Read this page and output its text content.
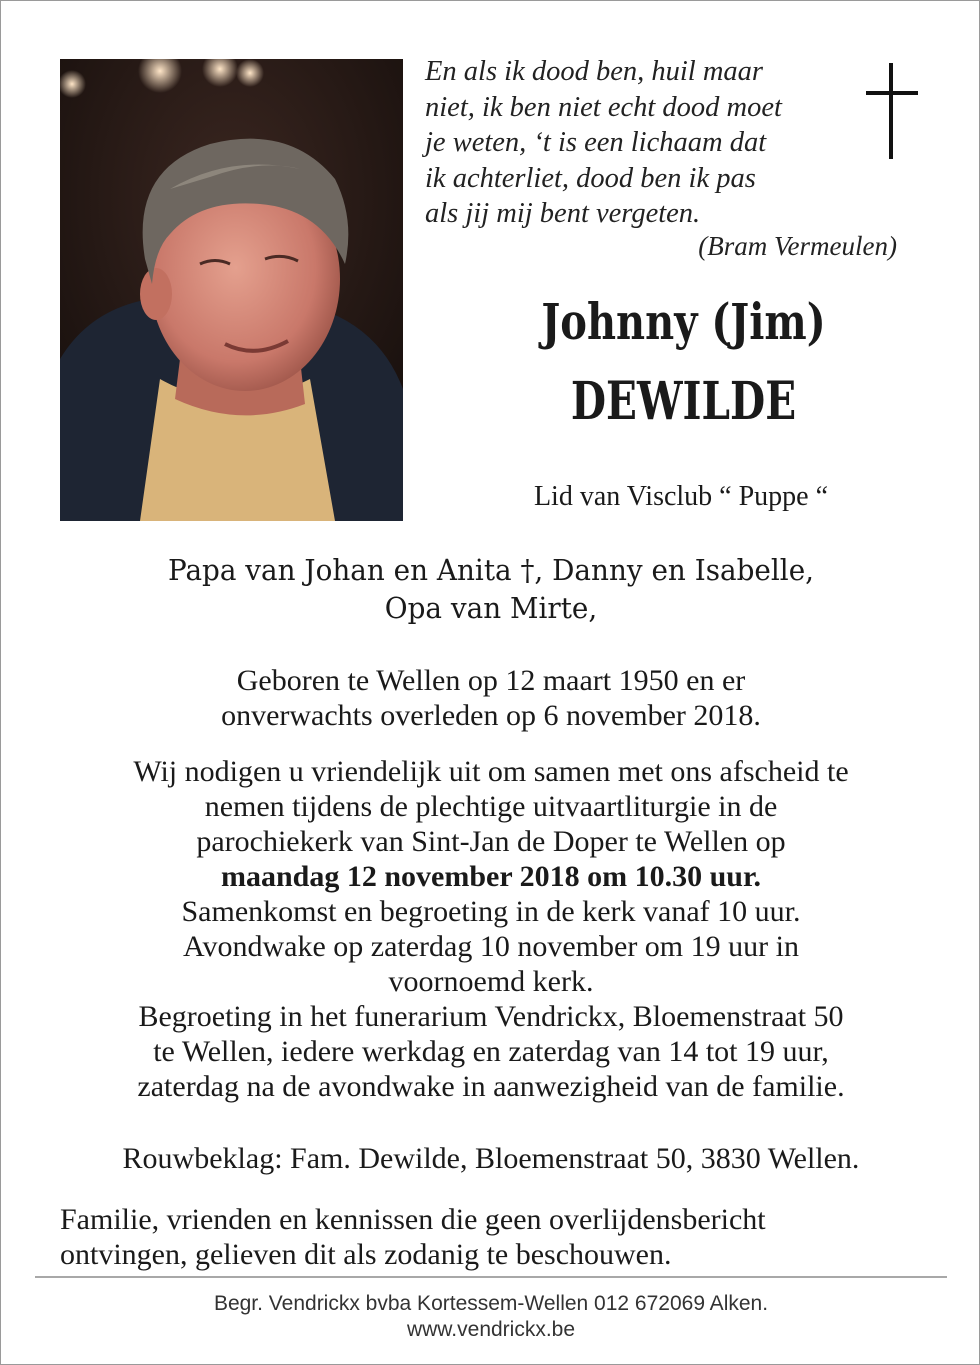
En als ik dood ben, huil maar
niet, ik ben niet echt dood moet
je weten, ‘t is een lichaam dat
ik achterliet, dood ben ik pas
als jij mij bent vergeten.
(Bram Vermeulen)
Johnny (Jim)
DEWILDE
Lid van Visclub “ Puppe “
Papa van Johan en Anita †, Danny en Isabelle,
Opa van Mirte,
Geboren te Wellen op 12 maart 1950 en er
onverwachts overleden op 6 november 2018.
Wij nodigen u vriendelijk uit om samen met ons afscheid te
nemen tijdens de plechtige uitvaartliturgie in de
parochiekerk van Sint-Jan de Doper te Wellen op
maandag 12 november 2018 om 10.30 uur.
Samenkomst en begroeting in de kerk vanaf 10 uur.
Avondwake op zaterdag 10 november om 19 uur in
voornoemd kerk.
Begroeting in het funerarium Vendrickx, Bloemenstraat 50
te Wellen, iedere werkdag en zaterdag van 14 tot 19 uur,
zaterdag na de avondwake in aanwezigheid van de familie.
Rouwbeklag: Fam. Dewilde, Bloemenstraat 50, 3830 Wellen.
Familie, vrienden en kennissen die geen overlijdensbericht
ontvingen, gelieven dit als zodanig te beschouwen.
Begr. Vendrickx bvba Kortessem-Wellen 012 672069 Alken.
www.vendrickx.be
